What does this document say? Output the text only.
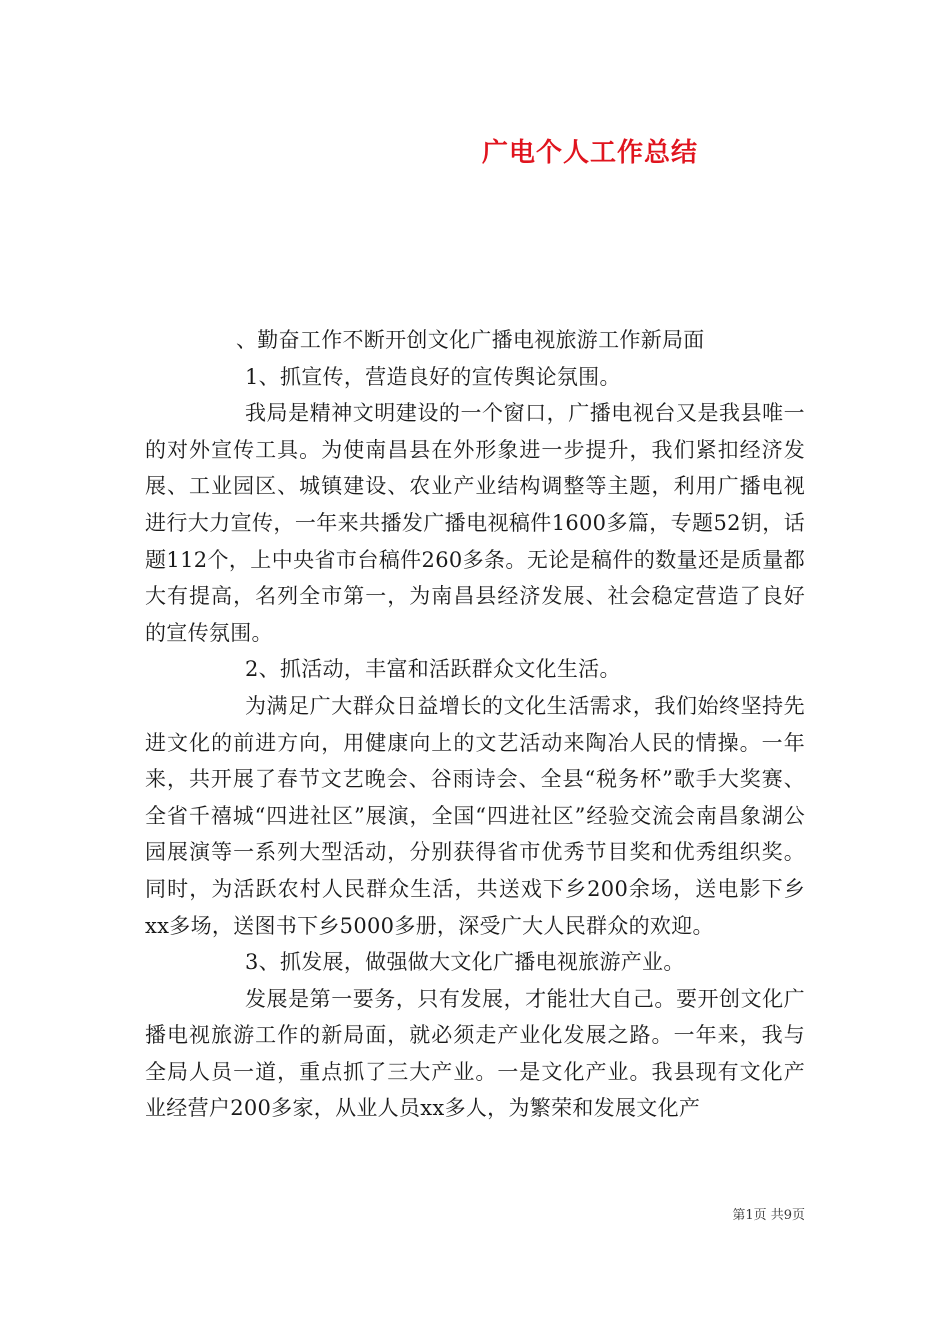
广电个人工作总结

、勤奋工作不断开创文化广播电视旅游工作新局面

1、抓宣传，营造良好的宣传舆论氛围。

我局是精神文明建设的一个窗口，广播电视台又是我县唯一的对外宣传工具。为使南昌县在外形象进一步提升，我们紧扣经济发展、工业园区、城镇建设、农业产业结构调整等主题，利用广播电视进行大力宣传，一年来共播发广播电视稿件1600多篇，专题52钥，话题112个，上中央省市台稿件260多条。无论是稿件的数量还是质量都大有提高，名列全市第一，为南昌县经济发展、社会稳定营造了良好的宣传氛围。

2、抓活动，丰富和活跃群众文化生活。

为满足广大群众日益增长的文化生活需求，我们始终坚持先进文化的前进方向，用健康向上的文艺活动来陶冶人民的情操。一年来，共开展了春节文艺晚会、谷雨诗会、全县“税务杯”歌手大奖赛、全省千禧城“四进社区”展演，全国“四进社区”经验交流会南昌象湖公园展演等一系列大型活动，分别获得省市优秀节目奖和优秀组织奖。同时，为活跃农村人民群众生活，共送戏下乡200余场，送电影下乡xx多场，送图书下乡5000多册，深受广大人民群众的欢迎。

3、抓发展，做强做大文化广播电视旅游产业。

发展是第一要务，只有发展，才能壮大自己。要开创文化广播电视旅游工作的新局面，就必须走产业化发展之路。一年来，我与全局人员一道，重点抓了三大产业。一是文化产业。我县现有文化产业经营户200多家，从业人员xx多人，为繁荣和发展文化产

第1页 共9页
